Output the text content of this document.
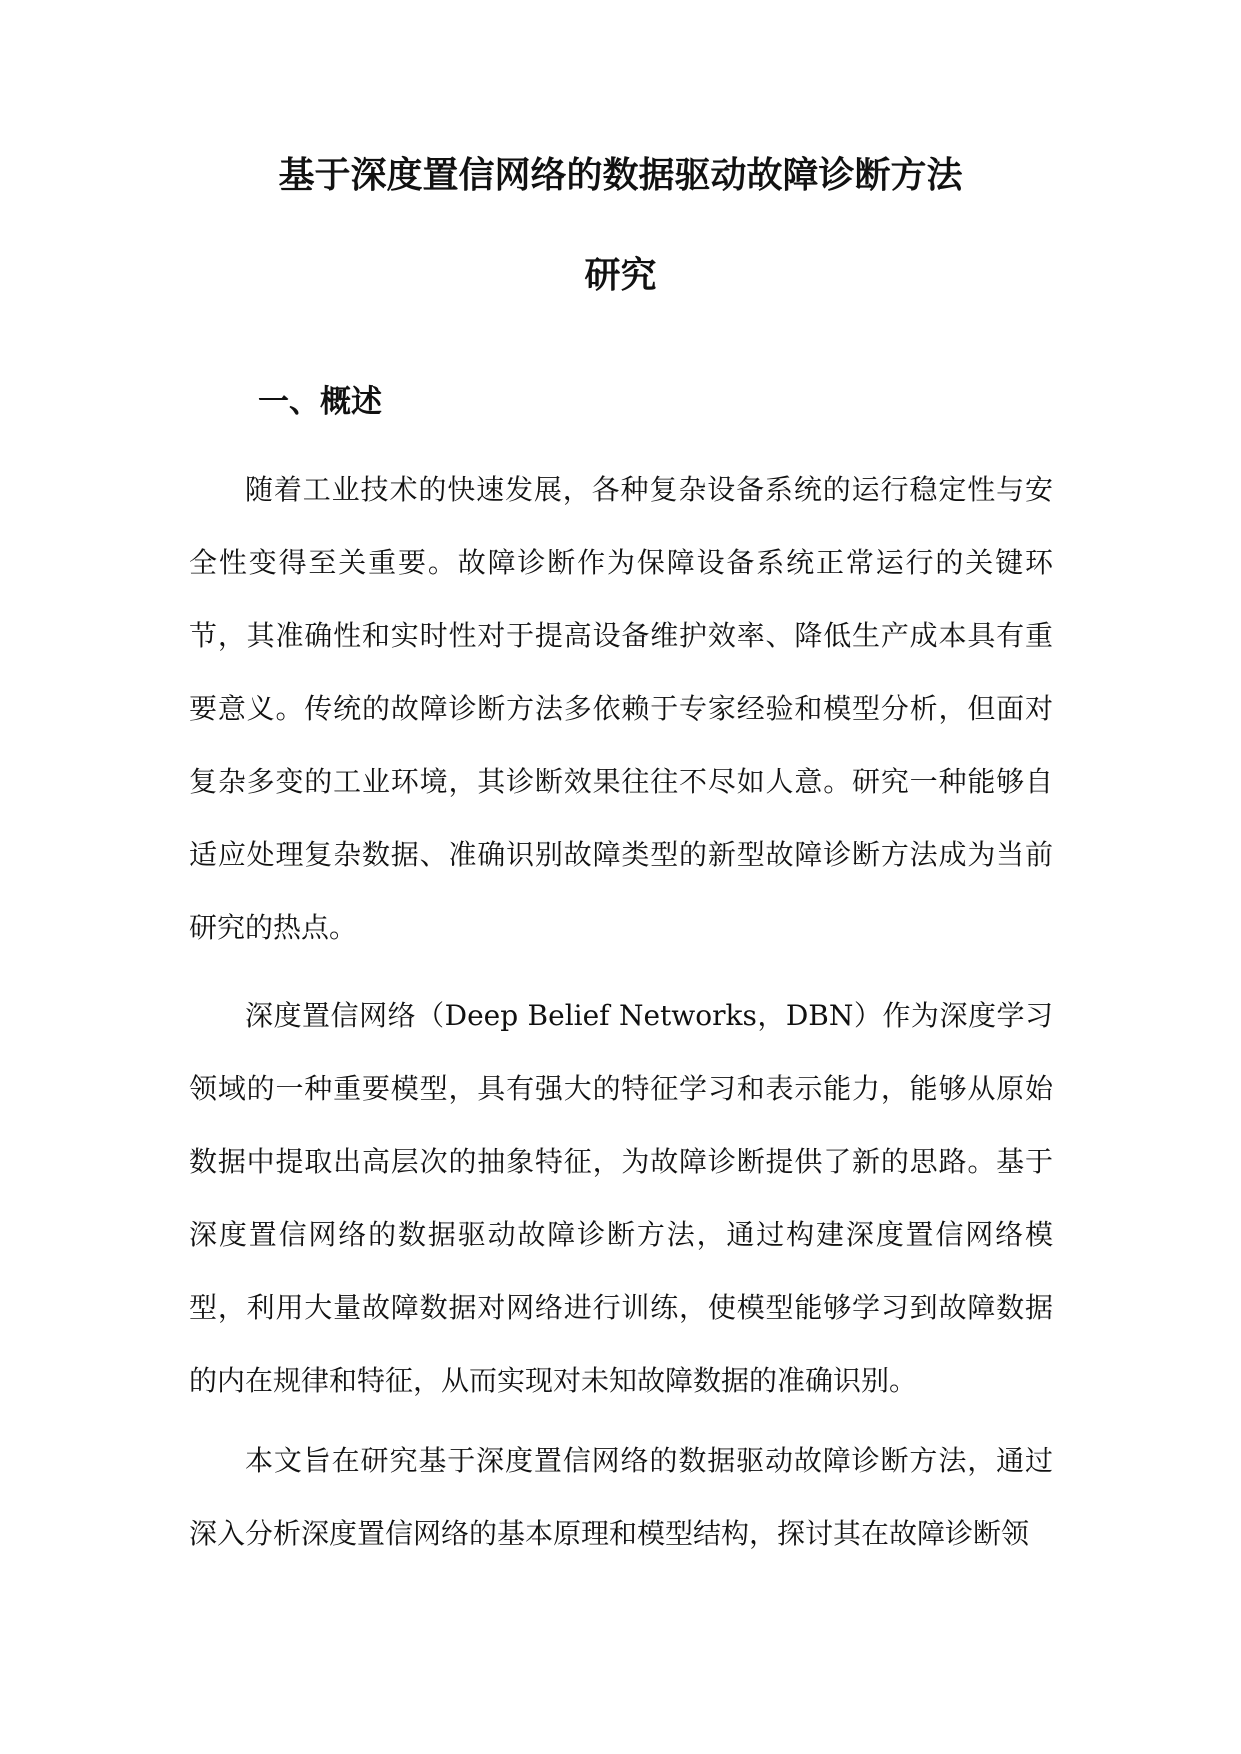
基于深度置信网络的数据驱动故障诊断方法
研究
一、概述

随着工业技术的快速发展，各种复杂设备系统的运行稳定性与安全性变得至关重要。故障诊断作为保障设备系统正常运行的关键环节，其准确性和实时性对于提高设备维护效率、降低生产成本具有重要意义。传统的故障诊断方法多依赖于专家经验和模型分析，但面对复杂多变的工业环境，其诊断效果往往不尽如人意。研究一种能够自适应处理复杂数据、准确识别故障类型的新型故障诊断方法成为当前研究的热点。

深度置信网络（Deep Belief Networks，DBN）作为深度学习领域的一种重要模型，具有强大的特征学习和表示能力，能够从原始数据中提取出高层次的抽象特征，为故障诊断提供了新的思路。基于深度置信网络的数据驱动故障诊断方法，通过构建深度置信网络模型，利用大量故障数据对网络进行训练，使模型能够学习到故障数据的内在规律和特征，从而实现对未知故障数据的准确识别。

本文旨在研究基于深度置信网络的数据驱动故障诊断方法，通过深入分析深度置信网络的基本原理和模型结构，探讨其在故障诊断领
